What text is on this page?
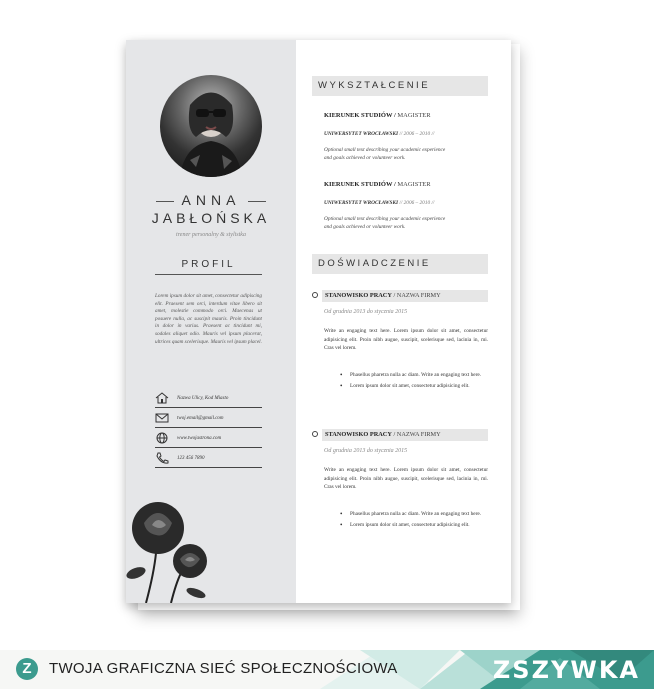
ANNA
JABŁOŃSKA
trener personalny & stylistka
PROFIL
Lorem ipsum dolor sit amet, consectetur adipiscing elit. Praesent sem orci, interdum vitae libero sit amet, molestie commodo orci. Maecenas ut posuere nulla, ac suscipit mauris. Proin tincidunt in dolor in varius. Praesent ac tincidunt mi, sodales aliquet odio. Mauris vel ipsum placerat, ultrices quam scelerisque. Mauris vel ipsum placel.
Nazwa Ulicy, Kod Miasto
twoj.email@gmail.com
www.twojastrona.com
123 456 7890
WYKSZTAŁCENIE
KIERUNEK STUDIÓW / MAGISTER
UNIWERSYTET WROCŁAWSKI // 2006 – 2010 //
Optional small text describing your academic experience
and goals achieved or volunteer work.
KIERUNEK STUDIÓW / MAGISTER
UNIWERSYTET WROCŁAWSKI // 2006 – 2010 //
Optional small text describing your academic experience
and goals achieved or volunteer work.
DOŚWIADCZENIE
STANOWISKO PRACY / NAZWA FIRMY
Od grudnia 2013 do stycznia 2015
Write an engaging text here. Lorem ipsum dolor sit amet, consectetur adipisicing elit. Proin nibh augue, suscipit, scelerisque sed, lacinia in, mi. Cras vel lorem.
• Phasellus pharetra nulla ac diam. Write an engaging text here.
• Lorem ipsum dolor sit amet, consectetur adipisicing elit.
STANOWISKO PRACY / NAZWA FIRMY
Od grudnia 2013 do stycznia 2015
Write an engaging text here. Lorem ipsum dolor sit amet, consectetur adipisicing elit. Proin nibh augue, suscipit, scelerisque sed, lacinia in, mi. Cras vel lorem.
• Phasellus pharetra nulla ac diam. Write an engaging text here.
• Lorem ipsum dolor sit amet, consectetur adipisicing elit.
Z	TWOJA GRAFICZNA SIEĆ SPOŁECZNOŚCIOWA	ZSZYWKA
